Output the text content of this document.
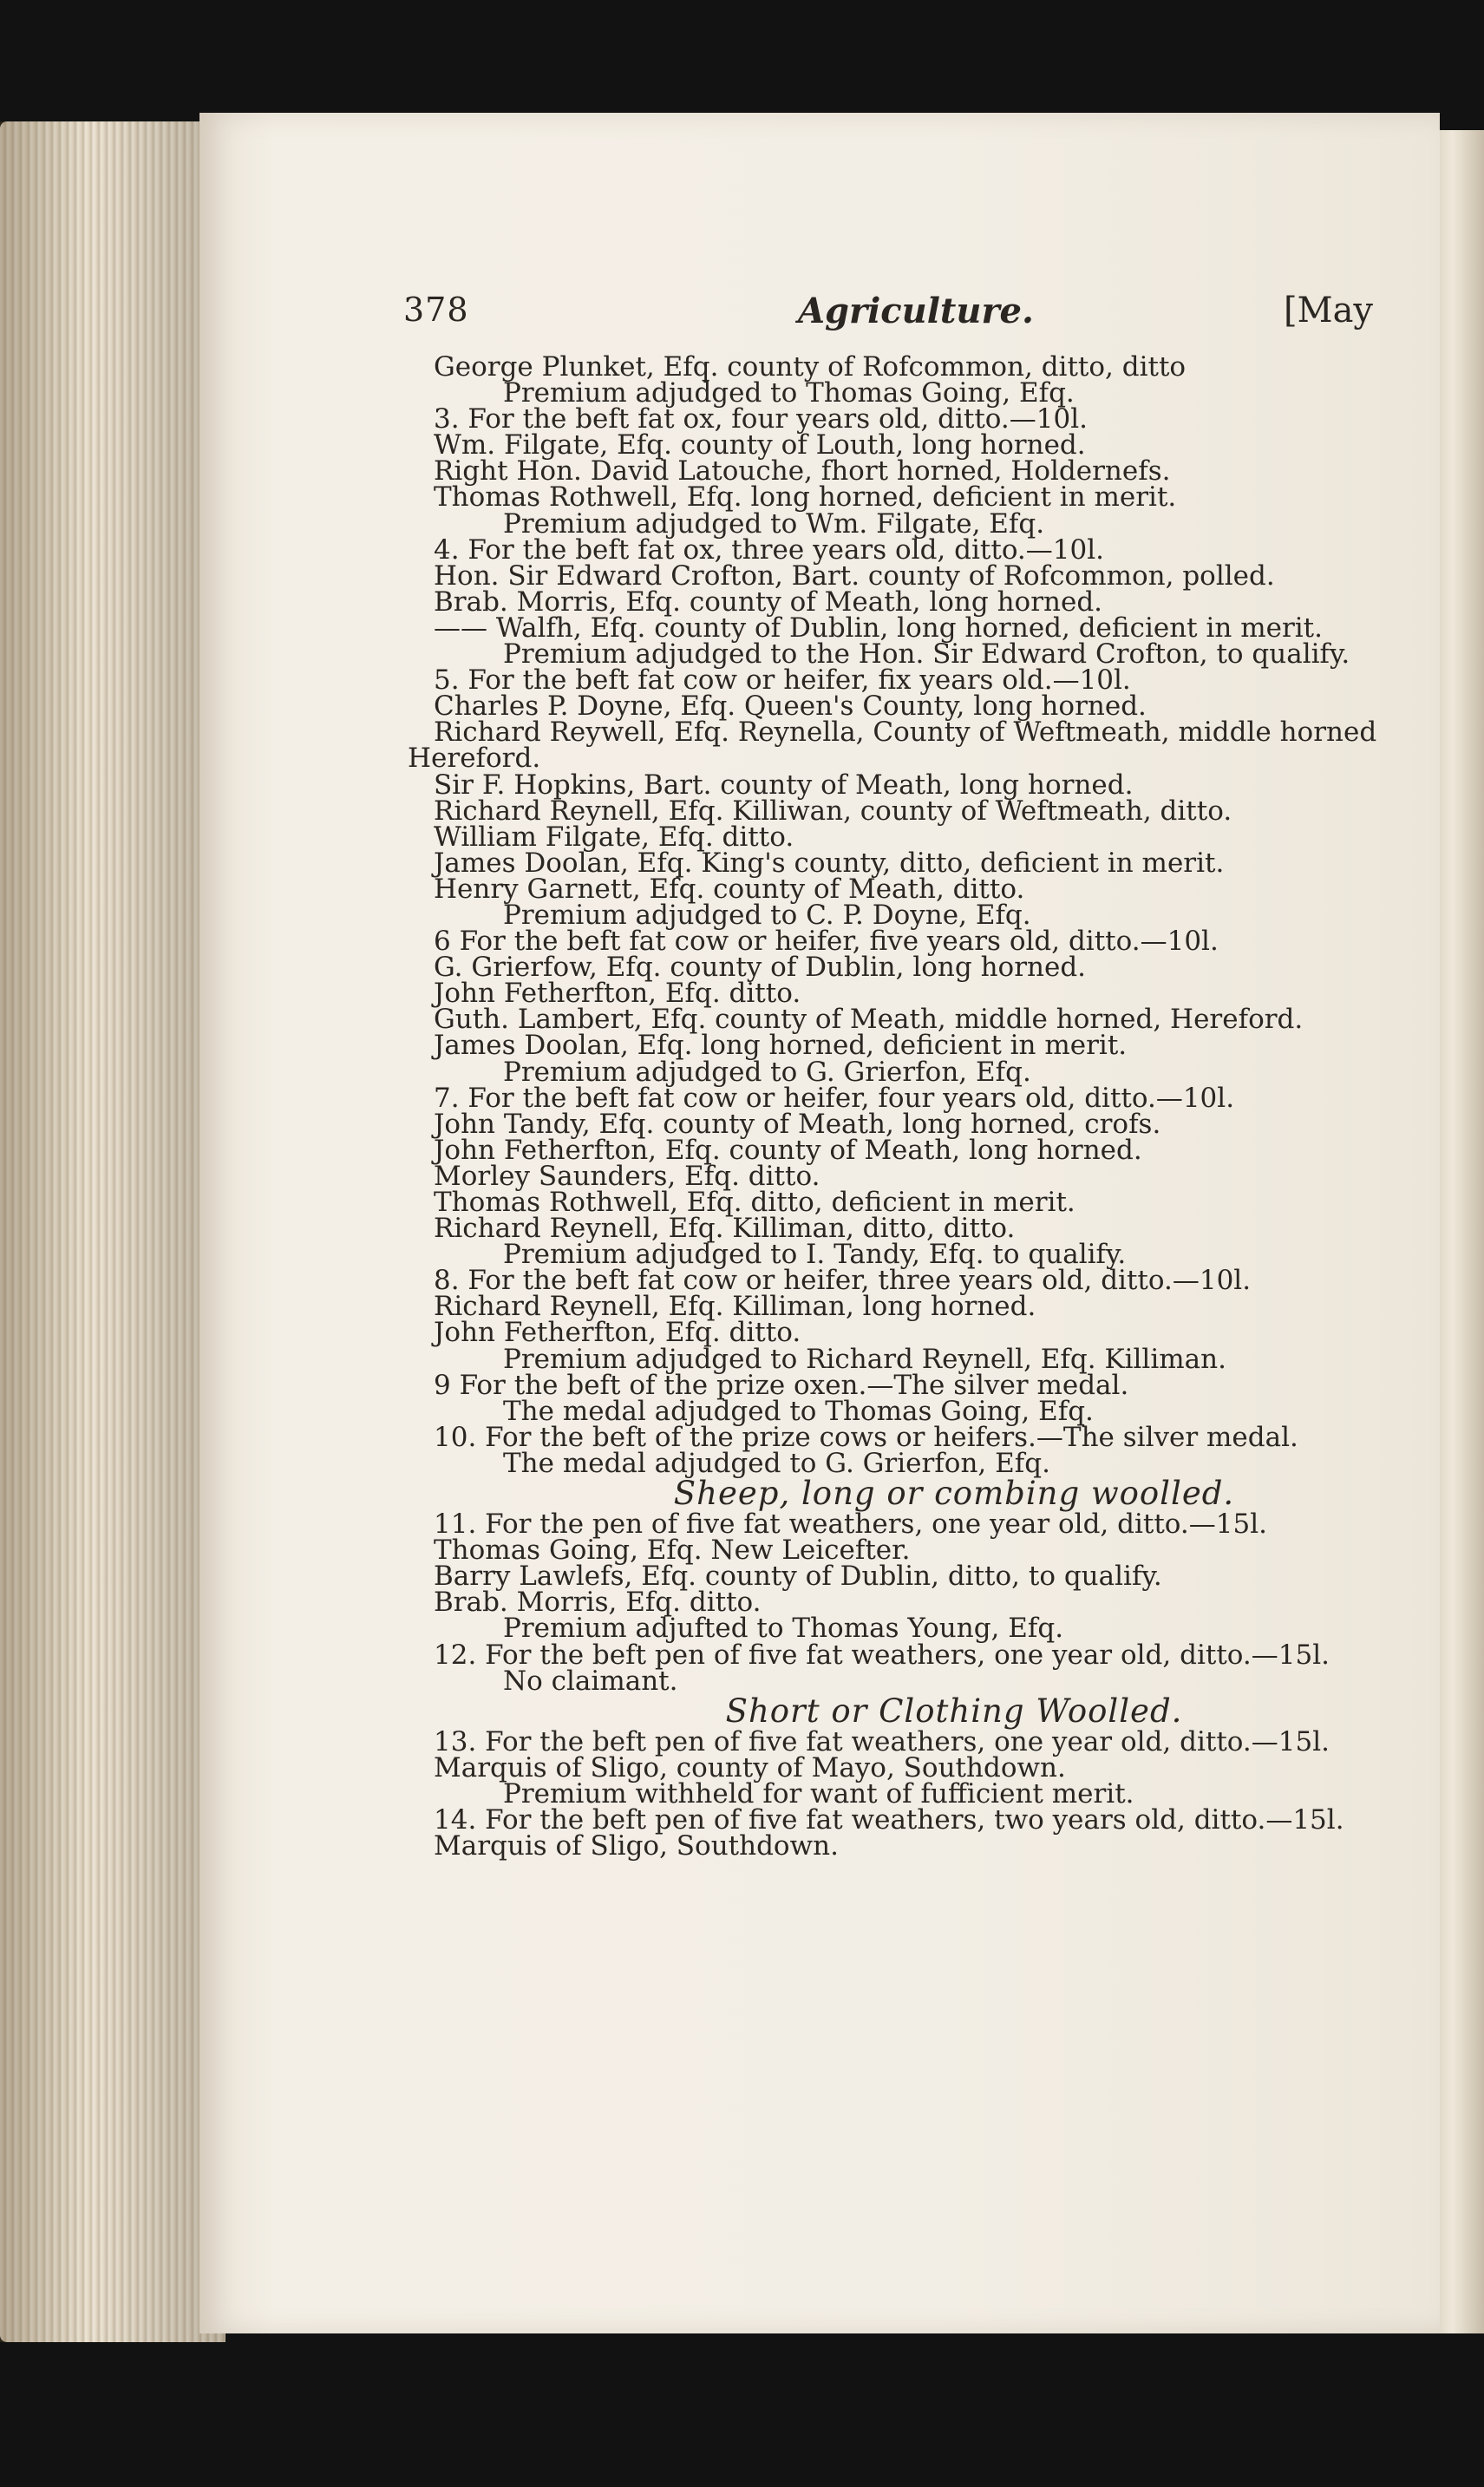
378	Agriculture.	[May
George Plunket, Efq. county of Rofcommon, ditto, ditto
Premium adjudged to Thomas Going, Efq.
3. For the beft fat ox, four years old, ditto.—10l.
Wm. Filgate, Efq. county of Louth, long horned.
Right Hon. David Latouche, fhort horned, Holdernefs.
Thomas Rothwell, Efq. long horned, deficient in merit.
Premium adjudged to Wm. Filgate, Efq.
4. For the beft fat ox, three years old, ditto.—10l.
Hon. Sir Edward Crofton, Bart. county of Rofcommon, polled.
Brab. Morris, Efq. county of Meath, long horned.
—— Walfh, Efq. county of Dublin, long horned, deficient in merit.
Premium adjudged to the Hon. Sir Edward Crofton, to qualify.
5. For the beft fat cow or heifer, fix years old.—10l.
Charles P. Doyne, Efq. Queen's County, long horned.
Richard Reywell, Efq. Reynella, County of Weftmeath, middle horned
Hereford.
Sir F. Hopkins, Bart. county of Meath, long horned.
Richard Reynell, Efq. Killiwan, county of Weftmeath, ditto.
William Filgate, Efq. ditto.
James Doolan, Efq. King's county, ditto, deficient in merit.
Henry Garnett, Efq. county of Meath, ditto.
Premium adjudged to C. P. Doyne, Efq.
6 For the beft fat cow or heifer, five years old, ditto.—10l.
G. Grierfow, Efq. county of Dublin, long horned.
John Fetherfton, Efq. ditto.
Guth. Lambert, Efq. county of Meath, middle horned, Hereford.
James Doolan, Efq. long horned, deficient in merit.
Premium adjudged to G. Grierfon, Efq.
7. For the beft fat cow or heifer, four years old, ditto.—10l.
John Tandy, Efq. county of Meath, long horned, crofs.
John Fetherfton, Efq. county of Meath, long horned.
Morley Saunders, Efq. ditto.
Thomas Rothwell, Efq. ditto, deficient in merit.
Richard Reynell, Efq. Killiman, ditto, ditto.
Premium adjudged to I. Tandy, Efq. to qualify.
8. For the beft fat cow or heifer, three years old, ditto.—10l.
Richard Reynell, Efq. Killiman, long horned.
John Fetherfton, Efq. ditto.
Premium adjudged to Richard Reynell, Efq. Killiman.
9 For the beft of the prize oxen.—The silver medal.
The medal adjudged to Thomas Going, Efq.
10. For the beft of the prize cows or heifers.—The silver medal.
The medal adjudged to G. Grierfon, Efq.
Sheep, long or combing woolled.
11. For the pen of five fat weathers, one year old, ditto.—15l.
Thomas Going, Efq. New Leicefter.
Barry Lawlefs, Efq. county of Dublin, ditto, to qualify.
Brab. Morris, Efq. ditto.
Premium adjufted to Thomas Young, Efq.
12. For the beft pen of five fat weathers, one year old, ditto.—15l.
No claimant.
Short or Clothing Woolled.
13. For the beft pen of five fat weathers, one year old, ditto.—15l.
Marquis of Sligo, county of Mayo, Southdown.
Premium withheld for want of fufficient merit.
14. For the beft pen of five fat weathers, two years old, ditto.—15l.
Marquis of Sligo, Southdown.
